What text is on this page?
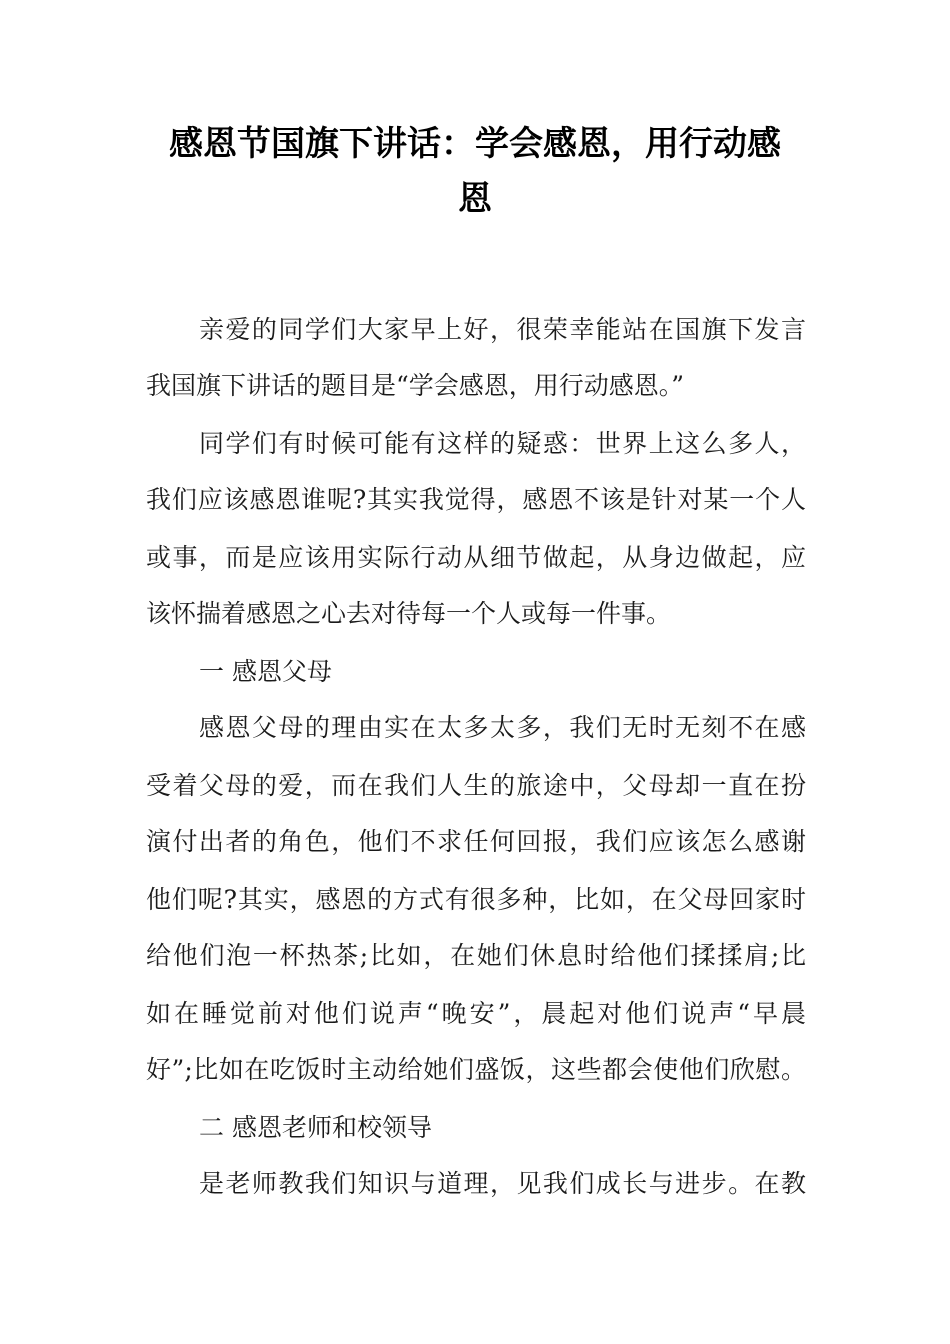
感恩节国旗下讲话：学会感恩，用行动感
恩

亲爱的同学们大家早上好，很荣幸能站在国旗下发言

我国旗下讲话的题目是“学会感恩，用行动感恩。”

同学们有时候可能有这样的疑惑：世界上这么多人，

我们应该感恩谁呢?其实我觉得，感恩不该是针对某一个人

或事，而是应该用实际行动从细节做起，从身边做起，应

该怀揣着感恩之心去对待每一个人或每一件事。

一 感恩父母

感恩父母的理由实在太多太多，我们无时无刻不在感

受着父母的爱，而在我们人生的旅途中，父母却一直在扮

演付出者的角色，他们不求任何回报，我们应该怎么感谢

他们呢?其实，感恩的方式有很多种，比如，在父母回家时

给他们泡一杯热茶;比如，在她们休息时给他们揉揉肩;比

如在睡觉前对他们说声“晚安”，晨起对他们说声“早晨

好”;比如在吃饭时主动给她们盛饭，这些都会使他们欣慰。

二 感恩老师和校领导

是老师教我们知识与道理，见我们成长与进步。在教
